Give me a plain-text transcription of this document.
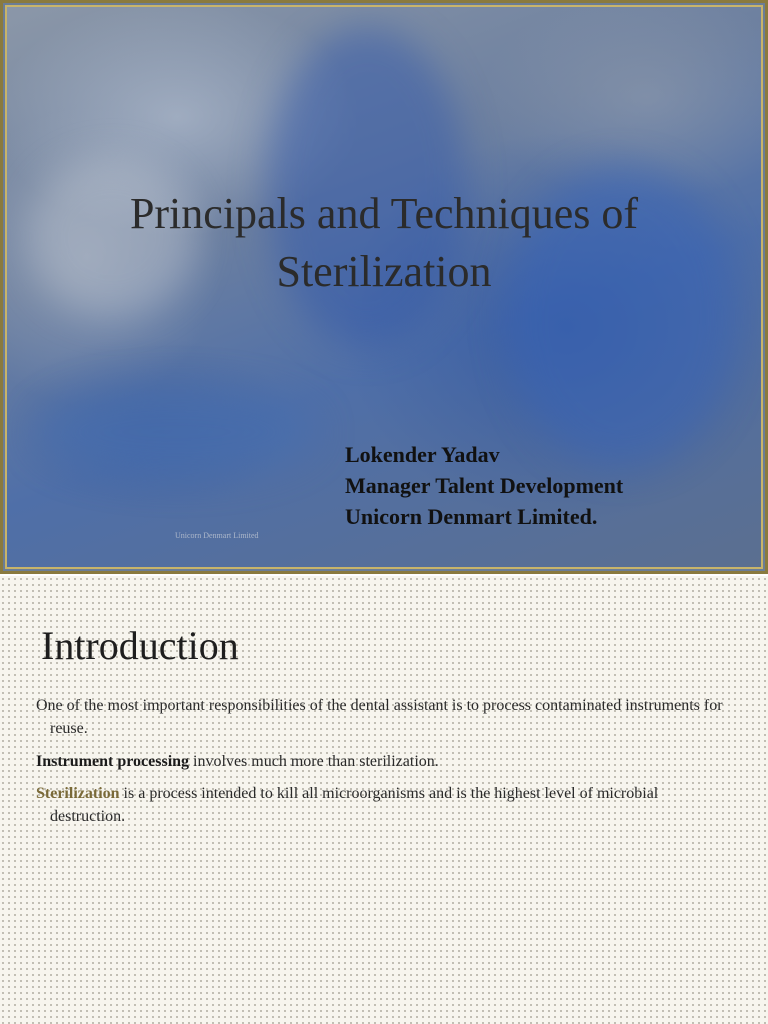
Principals and Techniques of
Sterilization
Lokender Yadav
Manager Talent Development
Unicorn Denmart Limited.
Unicorn Denmart Limited
Introduction
One of the most important responsibilities of the dental assistant is to process contaminated instruments for reuse.
Instrument processing involves much more than sterilization.
Sterilization is a process intended to kill all microorganisms and is the highest level of microbial destruction.
